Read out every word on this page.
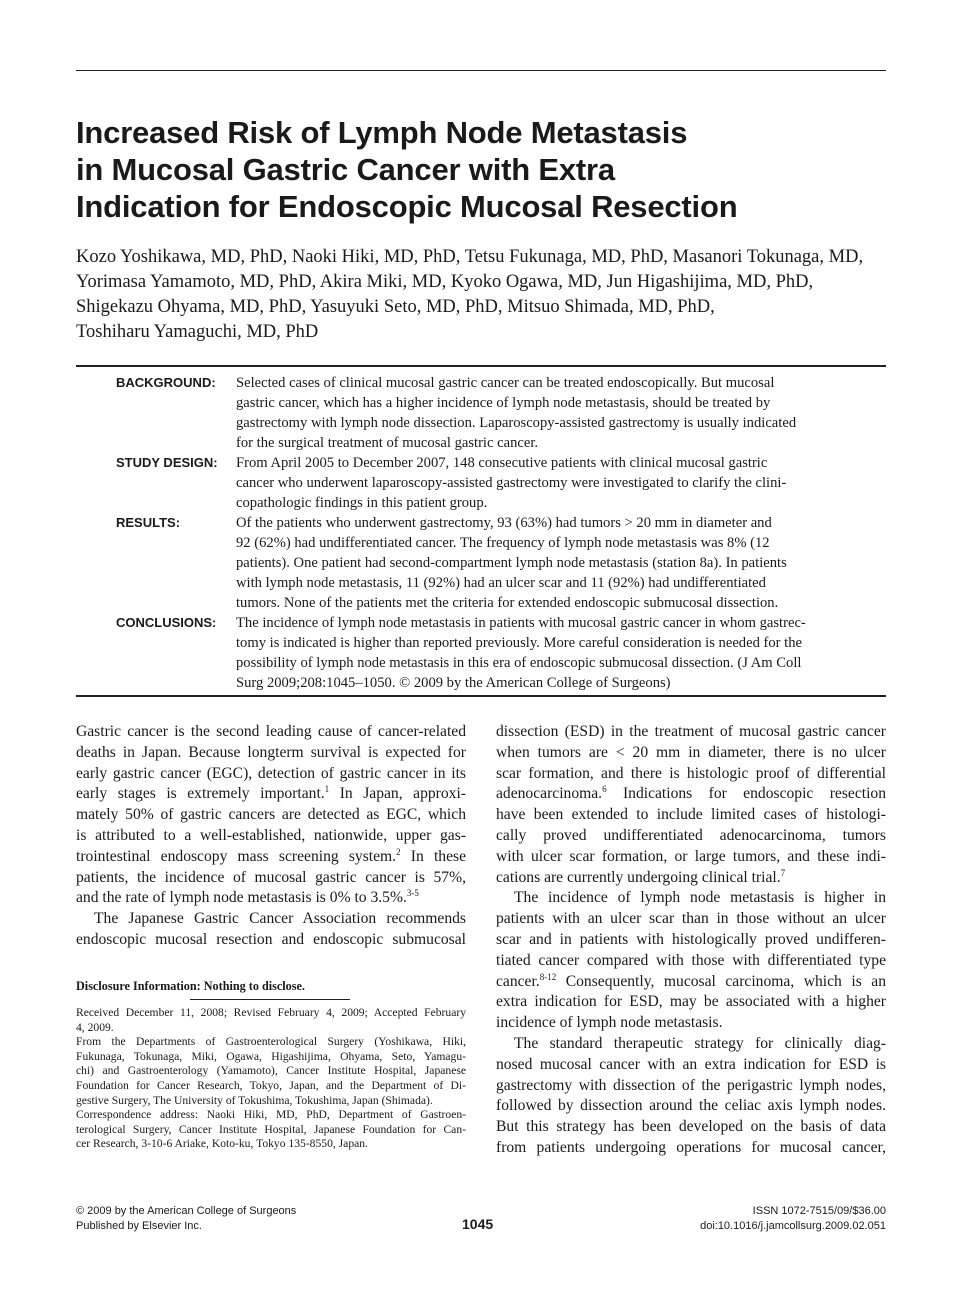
Increased Risk of Lymph Node Metastasis
in Mucosal Gastric Cancer with Extra
Indication for Endoscopic Mucosal Resection
Kozo Yoshikawa, MD, PhD, Naoki Hiki, MD, PhD, Tetsu Fukunaga, MD, PhD, Masanori Tokunaga, MD,
Yorimasa Yamamoto, MD, PhD, Akira Miki, MD, Kyoko Ogawa, MD, Jun Higashijima, MD, PhD,
Shigekazu Ohyama, MD, PhD, Yasuyuki Seto, MD, PhD, Mitsuo Shimada, MD, PhD,
Toshiharu Yamaguchi, MD, PhD
BACKGROUND: Selected cases of clinical mucosal gastric cancer can be treated endoscopically. But mucosal
gastric cancer, which has a higher incidence of lymph node metastasis, should be treated by
gastrectomy with lymph node dissection. Laparoscopy-assisted gastrectomy is usually indicated
for the surgical treatment of mucosal gastric cancer.
STUDY DESIGN: From April 2005 to December 2007, 148 consecutive patients with clinical mucosal gastric
cancer who underwent laparoscopy-assisted gastrectomy were investigated to clarify the clini-
copathologic findings in this patient group.
RESULTS:	Of the patients who underwent gastrectomy, 93 (63%) had tumors > 20 mm in diameter and
92 (62%) had undifferentiated cancer. The frequency of lymph node metastasis was 8% (12
patients). One patient had second-compartment lymph node metastasis (station 8a). In patients
with lymph node metastasis, 11 (92%) had an ulcer scar and 11 (92%) had undifferentiated
tumors. None of the patients met the criteria for extended endoscopic submucosal dissection.
CONCLUSIONS: The incidence of lymph node metastasis in patients with mucosal gastric cancer in whom gastrec-
tomy is indicated is higher than reported previously. More careful consideration is needed for the
possibility of lymph node metastasis in this era of endoscopic submucosal dissection. (J Am Coll
Surg 2009;208:1045–1050. © 2009 by the American College of Surgeons)
Gastric cancer is the second leading cause of cancer-related
deaths in Japan. Because longterm survival is expected for
early gastric cancer (EGC), detection of gastric cancer in its
early stages is extremely important.$^1$ In Japan, approxi-
mately 50% of gastric cancers are detected as EGC, which
is attributed to a well-established, nationwide, upper gas-
trointestinal endoscopy mass screening system.$^2$ In these
patients, the incidence of mucosal gastric cancer is 57%,
and the rate of lymph node metastasis is 0% to 3.5%.$^{3-5}$
The Japanese Gastric Cancer Association recommends
endoscopic mucosal resection and endoscopic submucosal
dissection (ESD) in the treatment of mucosal gastric cancer
when tumors are < 20 mm in diameter, there is no ulcer
scar formation, and there is histologic proof of differential
adenocarcinoma.$^6$ Indications for endoscopic resection
have been extended to include limited cases of histologi-
cally proved undifferentiated adenocarcinoma, tumors
with ulcer scar formation, or large tumors, and these indi-
cations are currently undergoing clinical trial.$^7$
The incidence of lymph node metastasis is higher in
patients with an ulcer scar than in those without an ulcer
scar and in patients with histologically proved undifferen-
tiated cancer compared with those with differentiated type
cancer.$^{8-12}$ Consequently, mucosal carcinoma, which is an
extra indication for ESD, may be associated with a higher
incidence of lymph node metastasis.
The standard therapeutic strategy for clinically diag-
nosed mucosal cancer with an extra indication for ESD is
gastrectomy with dissection of the perigastric lymph nodes,
followed by dissection around the celiac axis lymph nodes.
But this strategy has been developed on the basis of data
from patients undergoing operations for mucosal cancer,
Disclosure Information: Nothing to disclose.
Received December 11, 2008; Revised February 4, 2009; Accepted February
4, 2009.
From the Departments of Gastroenterological Surgery (Yoshikawa, Hiki,
Fukunaga, Tokunaga, Miki, Ogawa, Higashijima, Ohyama, Seto, Yamagu-
chi) and Gastroenterology (Yamamoto), Cancer Institute Hospital, Japanese
Foundation for Cancer Research, Tokyo, Japan, and the Department of Di-
gestive Surgery, The University of Tokushima, Tokushima, Japan (Shimada).
Correspondence address: Naoki Hiki, MD, PhD, Department of Gastroen-
terological Surgery, Cancer Institute Hospital, Japanese Foundation for Can-
cer Research, 3-10-6 Ariake, Koto-ku, Tokyo 135-8550, Japan.
© 2009 by the American College of Surgeons
Published by Elsevier Inc.	1045
ISSN 1072-7515/09/$36.00
doi:10.1016/j.jamcollsurg.2009.02.051
